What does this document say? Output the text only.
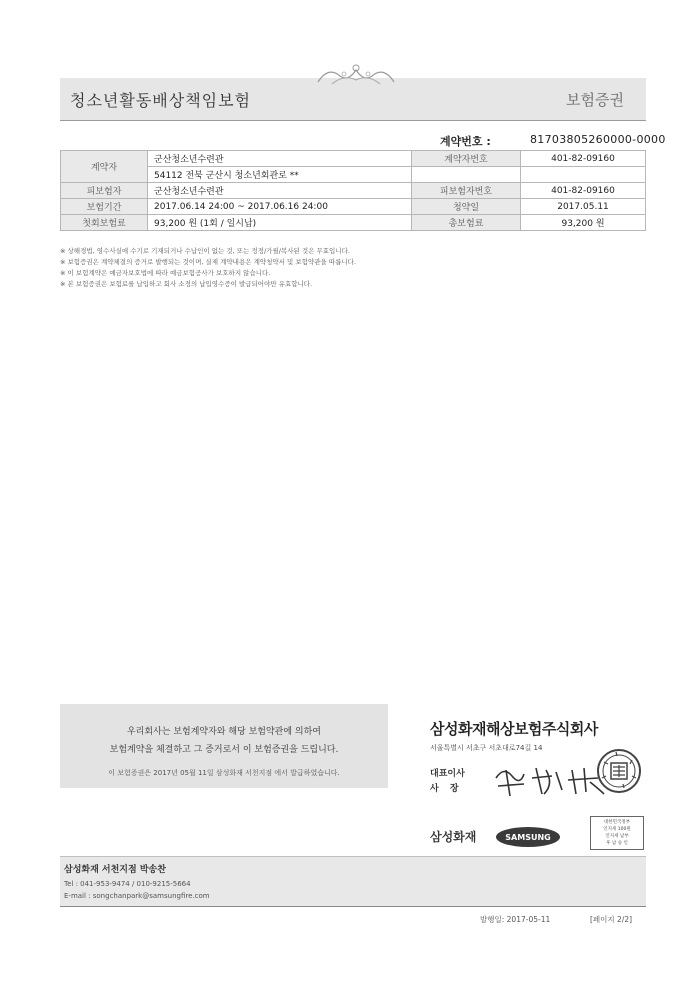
청소년활동배상책임보험	보험증권
계약번호 :	81703805260000-0000
계약자	군산청소년수련관	계약자번호	401-82-09160
	54112 전북 군산시 청소년회관로 **		
피보험자	군산청소년수련관	피보험자번호	401-82-09160
보험기간	2017.06.14 24:00 ~ 2017.06.16 24:00	청약일	2017.05.11
첫회보험료	93,200 원 (1회 / 일시납)	총보험료	93,200 원
※ 상해경법, 영수사실에 수기로 기재되거나 수납인이 없는 것, 또는 정정/가필/복사된 것은 무효입니다.
※ 보험증권은 계약체결의 증거로 발행되는 것이며, 실제 계약내용은 계약청약서 및 보험약관을 따릅니다.
※ 이 보험계약은 예금자보호법에 따라 예금보험공사가 보호하지 않습니다.
※ 본 보험증권은 보험료를 납입하고 회사 소정의 납입영수증이 발급되어야만 유효합니다.
우리회사는 보험계약자와 해당 보험약관에 의하여
보험계약을 체결하고 그 증거로서 이 보험증권을 드립니다.
이 보험증권은 2017년 05월 11일 삼성화재 서천지점 에서 발급하였습니다.
삼성화재해상보험주식회사
서울특별시 서초구 서초대로74길 14
대표이사
사 장
삼성화재	SAMSUNG
대한민국정부
인지세 100원
인지세 납부
후 납 승 인
삼성화재 서천지점 박송찬
Tel : 041-953-9474 / 010-9215-5664
E-mail : songchanpark@samsungfire.com
발행일: 2017-05-11	[페이지 2/2]
